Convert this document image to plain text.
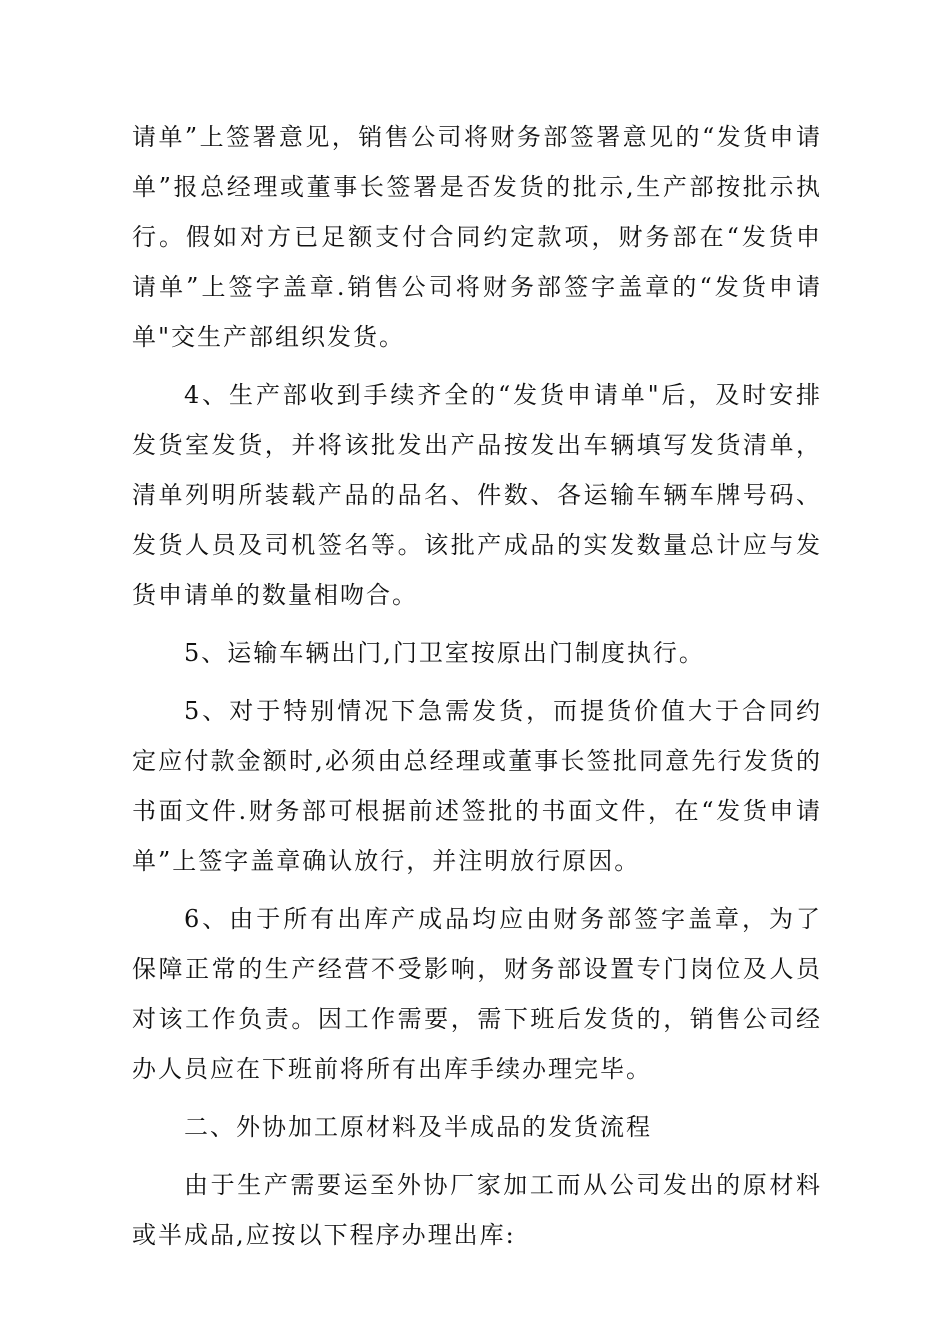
请单”上签署意见，销售公司将财务部签署意见的“发货申请单”报总经理或董事长签署是否发货的批示,生产部按批示执行。假如对方已足额支付合同约定款项，财务部在“发货申请单”上签字盖章.销售公司将财务部签字盖章的“发货申请单"交生产部组织发货。

4、生产部收到手续齐全的“发货申请单"后，及时安排发货室发货，并将该批发出产品按发出车辆填写发货清单，清单列明所装载产品的品名、件数、各运输车辆车牌号码、发货人员及司机签名等。该批产成品的实发数量总计应与发货申请单的数量相吻合。

5、运输车辆出门,门卫室按原出门制度执行。

5、对于特别情况下急需发货，而提货价值大于合同约定应付款金额时,必须由总经理或董事长签批同意先行发货的书面文件.财务部可根据前述签批的书面文件，在“发货申请单”上签字盖章确认放行，并注明放行原因。

6、由于所有出库产成品均应由财务部签字盖章，为了保障正常的生产经营不受影响，财务部设置专门岗位及人员对该工作负责。因工作需要，需下班后发货的，销售公司经办人员应在下班前将所有出库手续办理完毕。

二、外协加工原材料及半成品的发货流程

由于生产需要运至外协厂家加工而从公司发出的原材料或半成品,应按以下程序办理出库:
